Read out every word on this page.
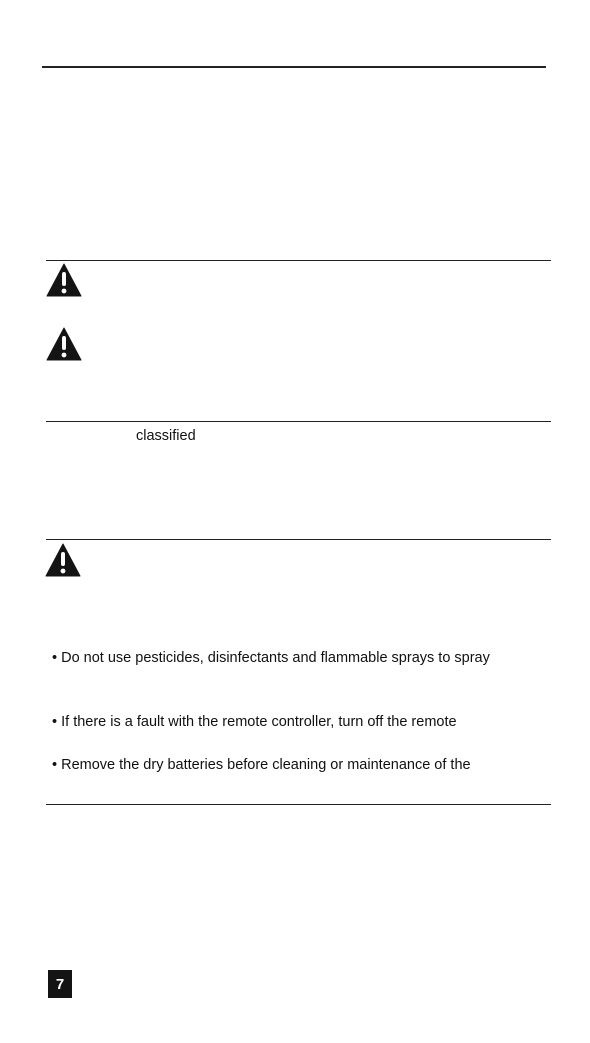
classified
• Do not use pesticides, disinfectants and flammable sprays to spray
• If there is a fault with the remote controller, turn off the remote
• Remove the dry batteries before cleaning or maintenance of the
7
